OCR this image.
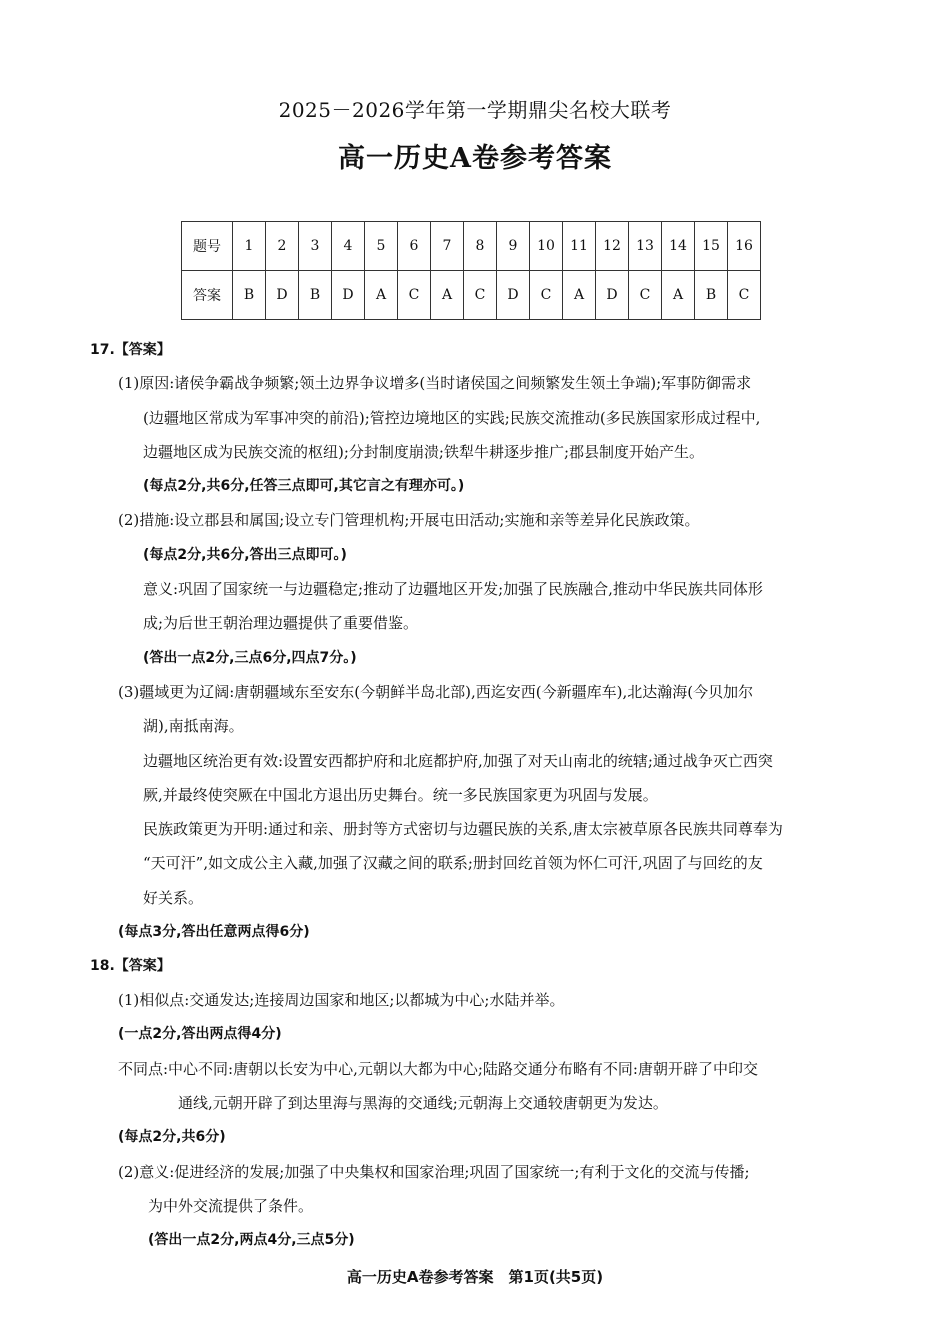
2025－2026学年第一学期鼎尖名校大联考
高一历史A卷参考答案
题号	1	2	3	4	5	6	7	8	9	10	11	12	13	14	15	16
答案	B	D	B	D	A	C	A	C	D	C	A	D	C	A	B	C
17.【答案】
(1)原因:诸侯争霸战争频繁;领土边界争议增多(当时诸侯国之间频繁发生领土争端);军事防御需求
(边疆地区常成为军事冲突的前沿);管控边境地区的实践;民族交流推动(多民族国家形成过程中,
边疆地区成为民族交流的枢纽);分封制度崩溃;铁犁牛耕逐步推广;郡县制度开始产生。
(每点2分,共6分,任答三点即可,其它言之有理亦可。)
(2)措施:设立郡县和属国;设立专门管理机构;开展屯田活动;实施和亲等差异化民族政策。
(每点2分,共6分,答出三点即可。)
意义:巩固了国家统一与边疆稳定;推动了边疆地区开发;加强了民族融合,推动中华民族共同体形
成;为后世王朝治理边疆提供了重要借鉴。
(答出一点2分,三点6分,四点7分。)
(3)疆域更为辽阔:唐朝疆域东至安东(今朝鲜半岛北部),西迄安西(今新疆库车),北达瀚海(今贝加尔
湖),南抵南海。
边疆地区统治更有效:设置安西都护府和北庭都护府,加强了对天山南北的统辖;通过战争灭亡西突
厥,并最终使突厥在中国北方退出历史舞台。统一多民族国家更为巩固与发展。
民族政策更为开明:通过和亲、册封等方式密切与边疆民族的关系,唐太宗被草原各民族共同尊奉为
“天可汗”,如文成公主入藏,加强了汉藏之间的联系;册封回纥首领为怀仁可汗,巩固了与回纥的友
好关系。
(每点3分,答出任意两点得6分)
18.【答案】
(1)相似点:交通发达;连接周边国家和地区;以都城为中心;水陆并举。
(一点2分,答出两点得4分)
不同点:中心不同:唐朝以长安为中心,元朝以大都为中心;陆路交通分布略有不同:唐朝开辟了中印交
通线,元朝开辟了到达里海与黑海的交通线;元朝海上交通较唐朝更为发达。
(每点2分,共6分)
(2)意义:促进经济的发展;加强了中央集权和国家治理;巩固了国家统一;有利于文化的交流与传播;
为中外交流提供了条件。
(答出一点2分,两点4分,三点5分)
高一历史A卷参考答案　第1页(共5页)
